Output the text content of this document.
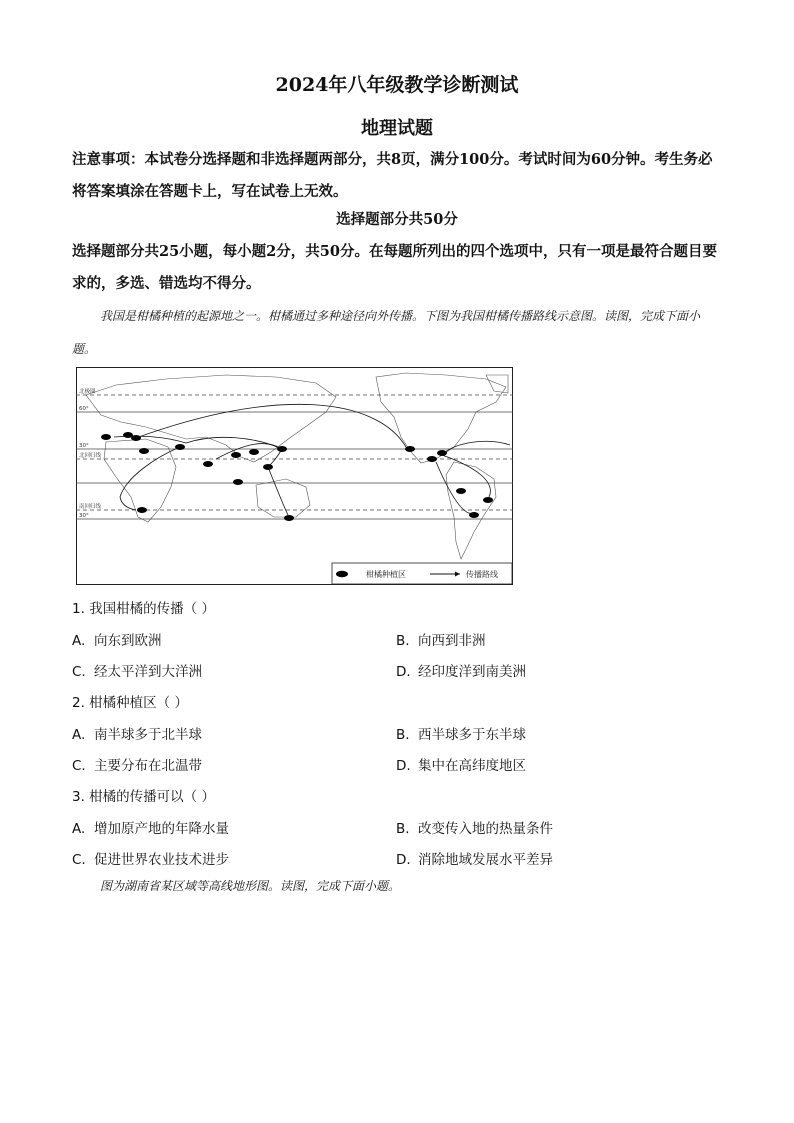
2024年八年级教学诊断测试
地理试题
注意事项：本试卷分选择题和非选择题两部分，共8页，满分100分。考试时间为60分钟。考生务必将答案填涂在答题卡上，写在试卷上无效。
选择题部分共50分
选择题部分共25小题，每小题2分，共50分。在每题所列出的四个选项中，只有一项是最符合题目要求的，多选、错选均不得分。
我国是柑橘种植的起源地之一。柑橘通过多种途径向外传播。下图为我国柑橘传播路线示意图。读图，完成下面小题。
北极圈
60°
30°
北回归线
南回归线
30°
柑橘种植区	传播路线
1. 我国柑橘的传播（ ）
A. 向东到欧洲	B. 向西到非洲
C. 经太平洋到大洋洲	D. 经印度洋到南美洲
2. 柑橘种植区（ ）
A. 南半球多于北半球	B. 西半球多于东半球
C. 主要分布在北温带	D. 集中在高纬度地区
3. 柑橘的传播可以（ ）
A. 增加原产地的年降水量	B. 改变传入地的热量条件
C. 促进世界农业技术进步	D. 消除地域发展水平差异
图为湖南省某区域等高线地形图。读图，完成下面小题。
